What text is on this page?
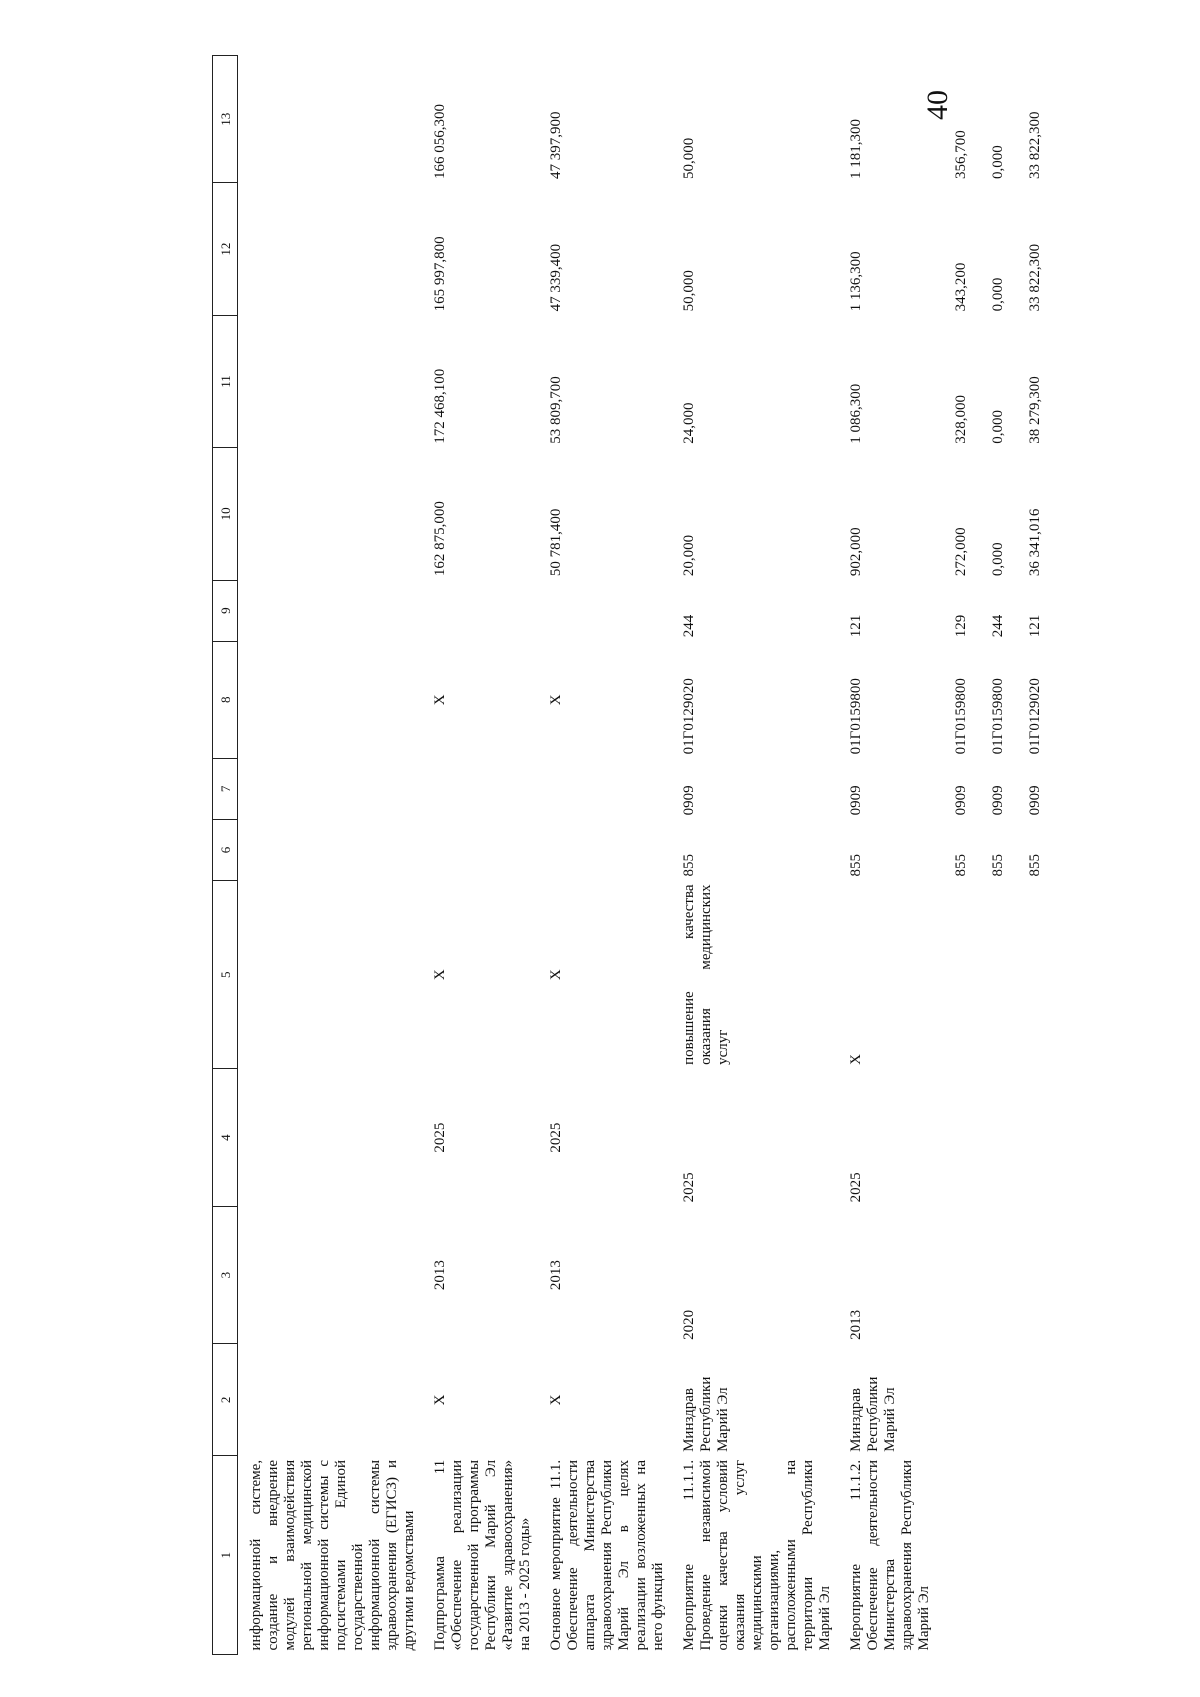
40
1	2	3	4	5	6	7	8	9	10	11	12	13
информационной системе, создание и внедрение модулей взаимодействия региональной медицинской информационной системы с подсистемами Единой государственной информационной системы здравоохранения (ЕГИСЗ) и другими ведомствами												
Подпрограмма 11 «Обеспечение реализации государственной программы Республики Марий Эл «Развитие здравоохранения» на 2013 - 2025 годы»	Х	2013	2025	Х			Х		162 875,000	172 468,100	165 997,800	166 056,300
Основное мероприятие 11.1. Обеспечение деятельности аппарата Министерства здравоохранения Республики Марий Эл в целях реализации возложенных на него функций	Х	2013	2025	Х			Х		50 781,400	53 809,700	47 339,400	47 397,900
Мероприятие 11.1.1. Проведение независимой оценки качества условий оказания услуг медицинскими организациями, расположенными на территории Республики Марий Эл	Минздрав Республики Марий Эл	2020	2025	повышение качества оказания медицинских услуг	855	0909	01Г0129020	244	20,000	24,000	50,000	50,000
Мероприятие 11.1.2. Обеспечение деятельности Министерства здравоохранения Республики Марий Эл	Минздрав Республики Марий Эл	2013	2025	Х	855	0909	01Г0159800	121	902,000	1 086,300	1 136,300	1 181,300
					855	0909	01Г0159800	129	272,000	328,000	343,200	356,700
					855	0909	01Г0159800	244	0,000	0,000	0,000	0,000
					855	0909	01Г0129020	121	36 341,016	38 279,300	33 822,300	33 822,300
